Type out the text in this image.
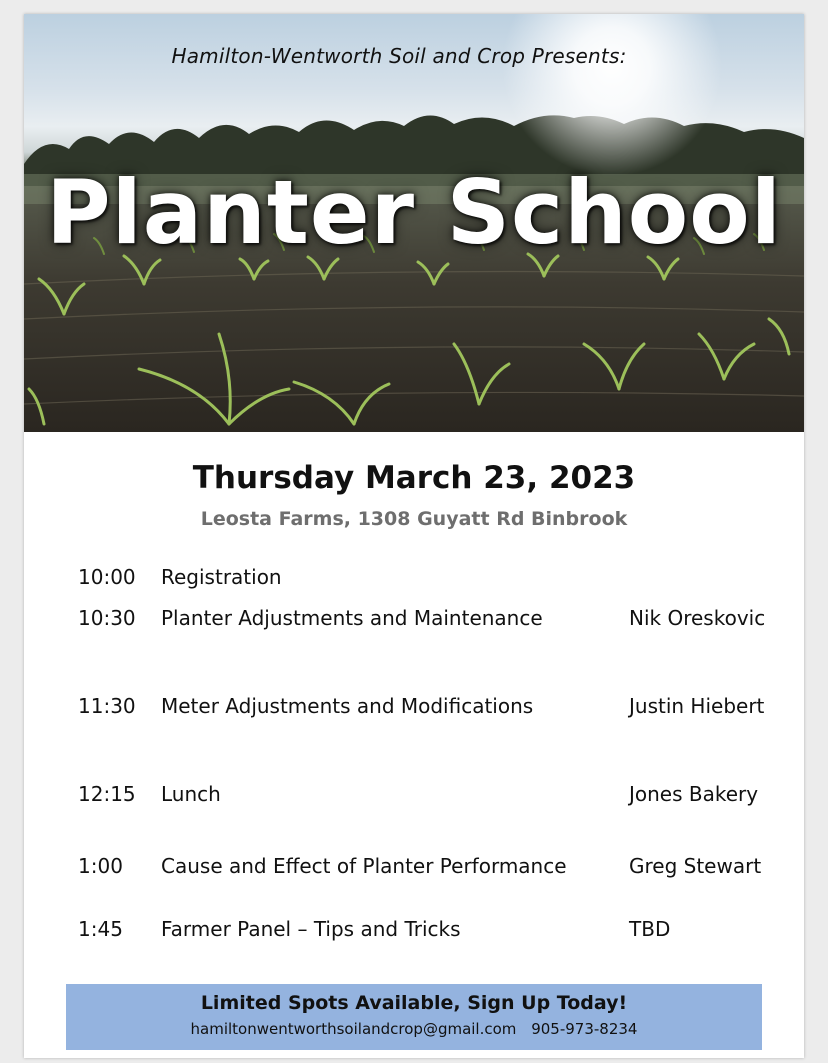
Hamilton-Wentworth Soil and Crop Presents:
Planter School
Thursday March 23, 2023
Leosta Farms, 1308 Guyatt Rd Binbrook
10:00 Registration
10:30 Planter Adjustments and Maintenance	Nik Oreskovic
11:30 Meter Adjustments and Modifications	Justin Hiebert
12:15 Lunch	Jones Bakery
1:00 Cause and Effect of Planter Performance	Greg Stewart
1:45 Farmer Panel – Tips and Tricks	TBD
Limited Spots Available, Sign Up Today!
hamiltonwentworthsoilandcrop@gmail.com 905-973-8234
